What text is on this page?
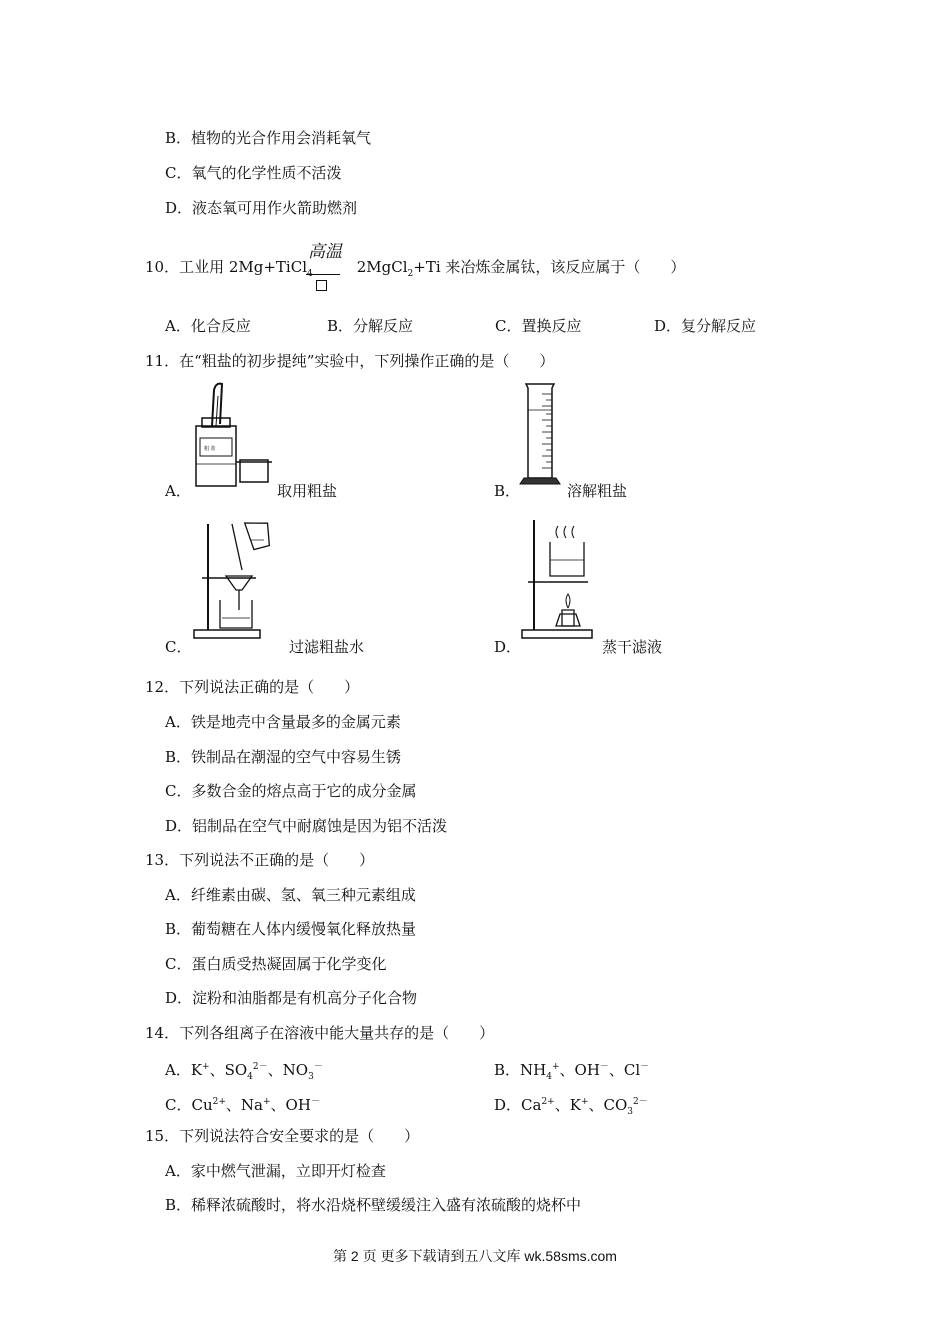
B．植物的光合作用会消耗氧气
C．氧气的化学性质不活泼
D．液态氧可用作火箭助燃剂
10．工业用 2Mg+TiCl$_4$	2MgCl$_2$+Ti 来冶炼金属钛，该反应属于（　　）
高温
A．化合反应	B．分解反应	C．置换反应	D．复分解反应
11．在“粗盐的初步提纯”实验中，下列操作正确的是（　　）
粗 盐
A．	取用粗盐	B．	溶解粗盐
C．	过滤粗盐水	D．	蒸干滤液
12．下列说法正确的是（　　）
A．铁是地壳中含量最多的金属元素
B．铁制品在潮湿的空气中容易生锈
C．多数合金的熔点高于它的成分金属
D．铝制品在空气中耐腐蚀是因为铝不活泼
13．下列说法不正确的是（　　）
A．纤维素由碳、氢、氧三种元素组成
B．葡萄糖在人体内缓慢氧化释放热量
C．蛋白质受热凝固属于化学变化
D．淀粉和油脂都是有机高分子化合物
14．下列各组离子在溶液中能大量共存的是（　　）
A．K+、$SO_4^{2-}$、$NO_3^-$	B．$NH_4^+$、OH－、Cl－
C．$Cu^{2+}$、Na+、OH－	D．$Ca^{2+}$、K+、$CO_3^{2-}$
15．下列说法符合安全要求的是（　　）
A．家中燃气泄漏，立即开灯检查
B．稀释浓硫酸时，将水沿烧杯壁缓缓注入盛有浓硫酸的烧杯中
第 2 页 更多下载请到五八文库 wk.58sms.com
